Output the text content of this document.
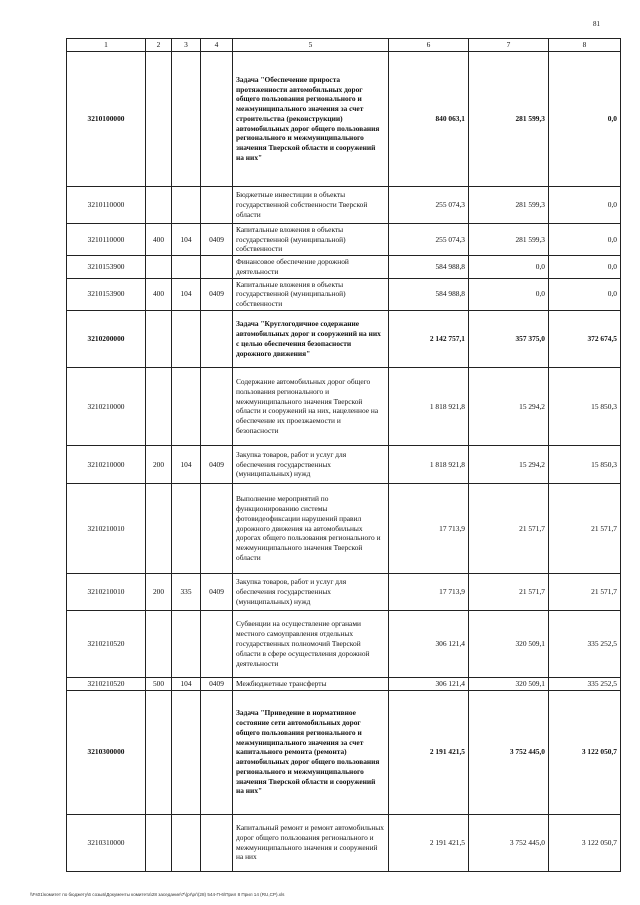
81
1	2	3	4	5	6	7	8
3210100000				Задача "Обеспечение прироста протяженности автомобильных дорог общего пользования регионального и межмуниципального значения за счет строительства (реконструкции) автомобильных дорог общего пользования регионального и межмуниципального значения Тверской области и сооружений на них"	840 063,1	281 599,3	0,0
3210110000				Бюджетные инвестиции в объекты государственной собственности Тверской области	255 074,3	281 599,3	0,0
3210110000	400	104	0409	Капитальные вложения в объекты государственной (муниципальной) собственности	255 074,3	281 599,3	0,0
3210153900				Финансовое обеспечение дорожной деятельности	584 988,8	0,0	0,0
3210153900	400	104	0409	Капитальные вложения в объекты государственной (муниципальной) собственности	584 988,8	0,0	0,0
3210200000				Задача "Круглогодичное содержание автомобильных дорог и сооружений на них с целью обеспечения безопасности дорожного движения"	2 142 757,1	357 375,0	372 674,5
3210210000				Содержание автомобильных дорог общего пользования регионального и межмуниципального значения Тверской области и сооружений на них, нацеленное на обеспечение их проезжаемости и безопасности	1 818 921,8	15 294,2	15 850,3
3210210000	200	104	0409	Закупка товаров, работ и услуг для обеспечения государственных (муниципальных) нужд	1 818 921,8	15 294,2	15 850,3
3210210010				Выполнение мероприятий по функционированию системы фотовидеофиксации нарушений правил дорожного движения на автомобильных дорогах общего пользования регионального и межмуниципального значения Тверской области	17 713,9	21 571,7	21 571,7
3210210010	200	335	0409	Закупка товаров, работ и услуг для обеспечения государственных (муниципальных) нужд	17 713,9	21 571,7	21 571,7
3210210520				Субвенции на осуществление органами местного самоуправления отдельных государственных полномочий Тверской области в сфере осуществления дорожной деятельности	306 121,4	320 509,1	335 252,5
3210210520	500	104	0409	Межбюджетные трансферты	306 121,4	320 509,1	335 252,5
3210300000				Задача "Приведение в нормативное состояние сети автомобильных дорог общего пользования регионального и межмуниципального значения за счет капитального ремонта (ремонта) автомобильных дорог общего пользования регионального и межмуниципального значения Тверской области и сооружений на них"	2 191 421,5	3 752 445,0	3 122 050,7
3210310000				Капитальный ремонт и ремонт автомобильных дорог общего пользования регионального и межмуниципального значения и сооружений на них	2 191 421,5	3 752 445,0	3 122 050,7
\\Fs01\комитет по бюджету\6 созыв\Документы комитета\28 заседание\7\(pr\pr\(28) 544-П-6\Прил 8 Прил 14 (RU,CP).xls
